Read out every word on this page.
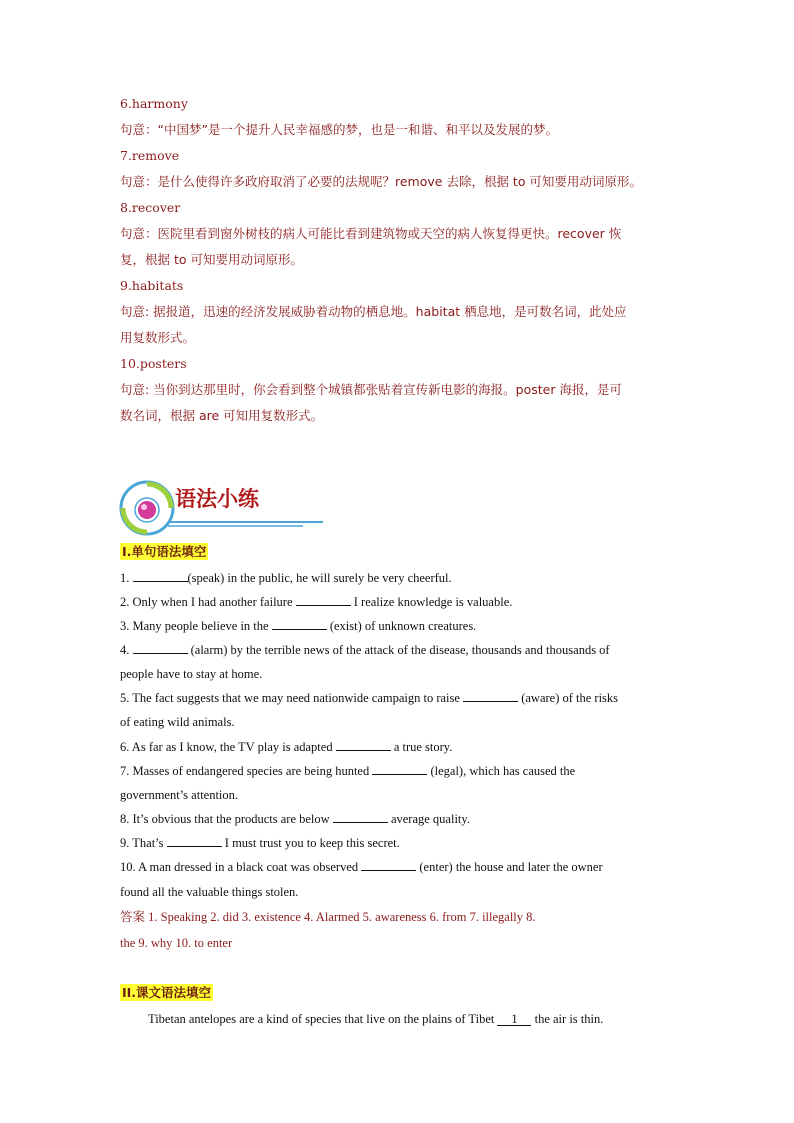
6.harmony
句意：“中国梦”是一个提升人民幸福感的梦，也是一和谐、和平以及发展的梦。
7.remove
句意：是什么使得许多政府取消了必要的法规呢？remove 去除，根据 to 可知要用动词原形。
8.recover
句意：医院里看到窗外树枝的病人可能比看到建筑物或天空的病人恢复得更快。recover 恢
复，根据 to 可知要用动词原形。
9.habitats
句意: 据报道，迅速的经济发展威胁着动物的栖息地。habitat 栖息地，是可数名词，此处应
用复数形式。
10.posters
句意: 当你到达那里时，你会看到整个城镇都张贴着宣传新电影的海报。poster 海报，是可
数名词，根据 are 可知用复数形式。
I.单句语法填空
1.	(speak) in the public, he will surely be very cheerful.
2. Only when I had another failure	I realize knowledge is valuable.
3. Many people believe in the	(exist) of unknown creatures.
4.	(alarm) by the terrible news of the attack of the disease, thousands and thousands of
people have to stay at home.
5. The fact suggests that we may need nationwide campaign to raise	(aware) of the risks
of eating wild animals.
6. As far as I know, the TV play is adapted	a true story.
7. Masses of endangered species are being hunted	(legal), which has caused the
government’s attention.
8. It’s obvious that the products are below	average quality.
9. That’s	I must trust you to keep this secret.
10. A man dressed in a black coat was observed	(enter) the house and later the owner
found all the valuable things stolen.
答案 1. Speaking 2. did 3. existence 4. Alarmed 5. awareness 6. from 7. illegally 8.
the 9. why 10. to enter
II.课文语法填空
Tibetan antelopes are a kind of species that live on the plains of Tibet 1 the air is thin.
语法小练
